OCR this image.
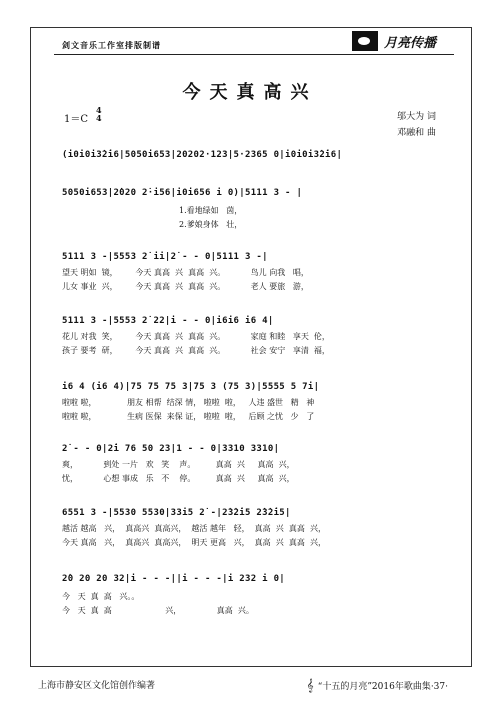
剑文音乐工作室排版制谱	月亮传播
今天真高兴
1＝C
4
4	邬大为 词
邓融和 曲
(i0i0i3̇2̇i6|5050i653|20202·123|5·2365 0|i0i0i3̇2̇i6|
5050i653|2̇020 2̇·i56|i0i656 i 0)|5111 3 - |
1.看地绿如   茵，
2.爹娘身体   壮，
5111 3 -|5553 2̇ ii|2̇ - - 0|5111 3 -|
望天 明如  镜，       今天 真高  兴  真高  兴。          鸟儿 向我   唱，
儿女 事业  兴，       今天 真高  兴  真高  兴。          老人 要旅   游，
5111 3 -|5553 2̇ 22|i - - 0|i6i6 i6 4|
花儿 对我  笑，       今天 真高  兴  真高  兴。          家庭 和睦   享天  伦，
孩子 要考  研，       今天 真高  兴  真高  兴。          社会 安宁   享清  福，
i6 4 (i6 4)|75 75 75 3|75 3 (75 3)|5555 5 7i|
啦啦 啦，            朋友 相帮  结深 情， 啦啦  啦，   人违 盛世   精   神
啦啦 啦，            生病 医保  来保 证， 啦啦  啦，   后顾 之忧   少   了
2̇ - - 0|2̇i 76 50 23|1 - - 0|3310 3310|
爽，          到处 一片   欢   笑    声。        真高  兴     真高  兴，
忧，          心想 事成   乐   不    停。        真高  兴     真高  兴，
6551 3 -|5530 5530|33i5 2̇ -|2̇3̇2̇i5 2̇3̇2̇i5|
越活 越高   兴，  真高兴  真高兴，  越活 越年   轻，  真高  兴  真高  兴，
今天 真高   兴，  真高兴  真高兴，  明天 更高   兴，  真高  兴  真高  兴，
2̇0 20 20 32|i - - -||i - - -|i 232 i 0|
今   天  真  高   兴。。
今   天  真  高                     兴，              真高  兴。
上海市静安区文化馆创作编著	𝄞 “十五的月亮”2016年歌曲集·37·
